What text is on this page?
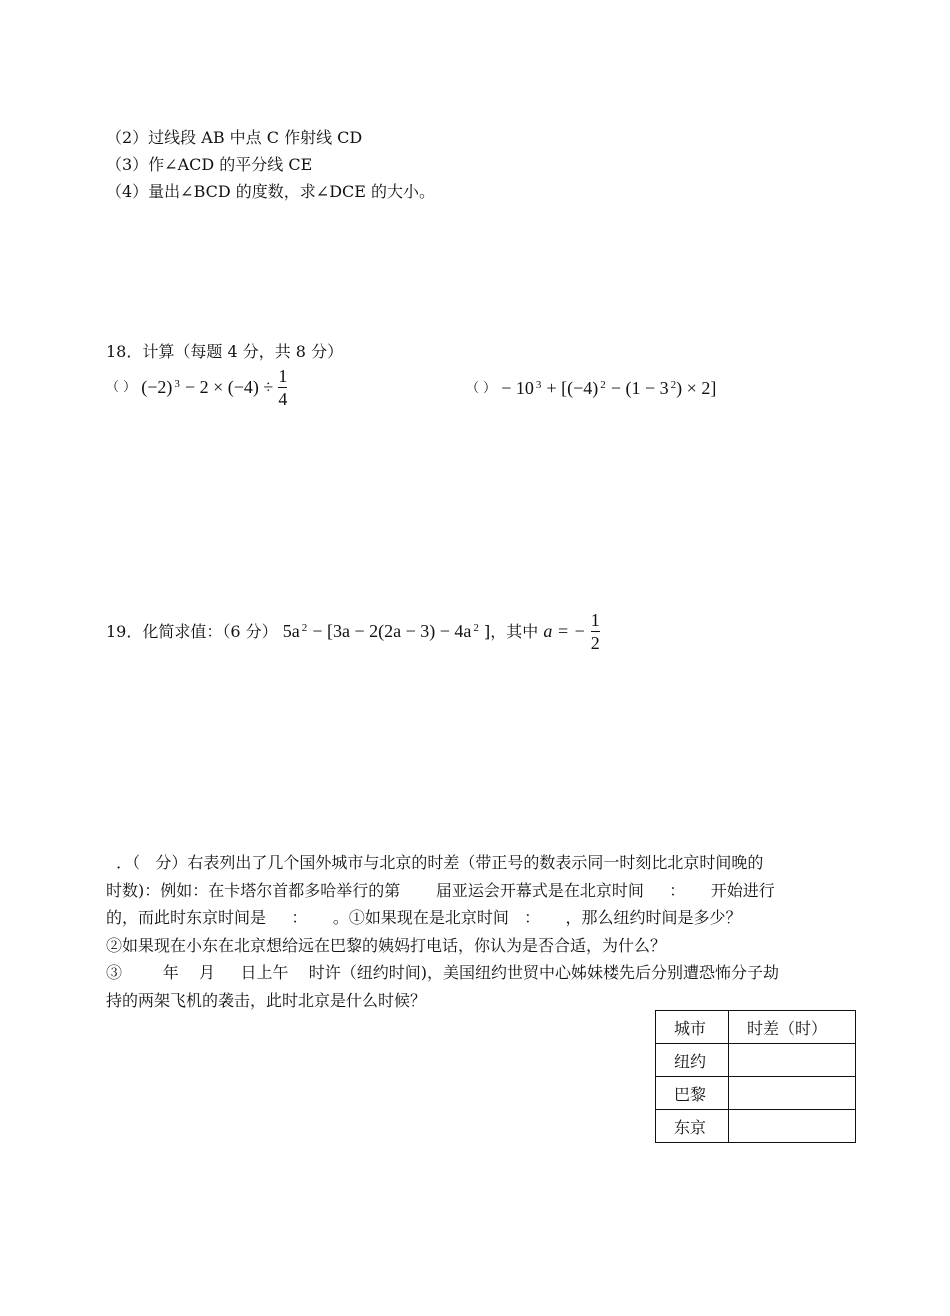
（2）过线段 AB 中点 C 作射线 CD
（3）作∠ACD 的平分线 CE
（4）量出∠BCD 的度数，求∠DCE 的大小。
18．计算（每题 4 分，共 8 分）
（ ） (−2) $^3 - 2 \times (-4) \div \frac{1}{4}$	（ ） − 10 $^3$ + [(−4) $^2$ − (1 − 3 $^2$) × 2]
19．化简求值：（6 分） 5a $^2$ − [3a − 2(2a − 3) − 4a $^2$ ]，其中 a = − $\frac{1}{2}$

．（   分）右表列出了几个国外城市与北京的时差（带正号的数表示同一时刻比北京时间晚的

时数)：例如：在卡塔尔首都多哈举行的第       届亚运会开幕式是在北京时间     ：     开始进行

的，而此时东京时间是     ：     。①如果现在是北京时间   ：     ，那么纽约时间是多少？

②如果现在小东在北京想给远在巴黎的姨妈打电话，你认为是否合适，为什么？

③        年    月     日上午    时许（纽约时间)，美国纽约世贸中心姊妹楼先后分别遭恐怖分子劫

持的两架飞机的袭击，此时北京是什么时候？

城市	时差（时）
纽约	
巴黎	
东京	
